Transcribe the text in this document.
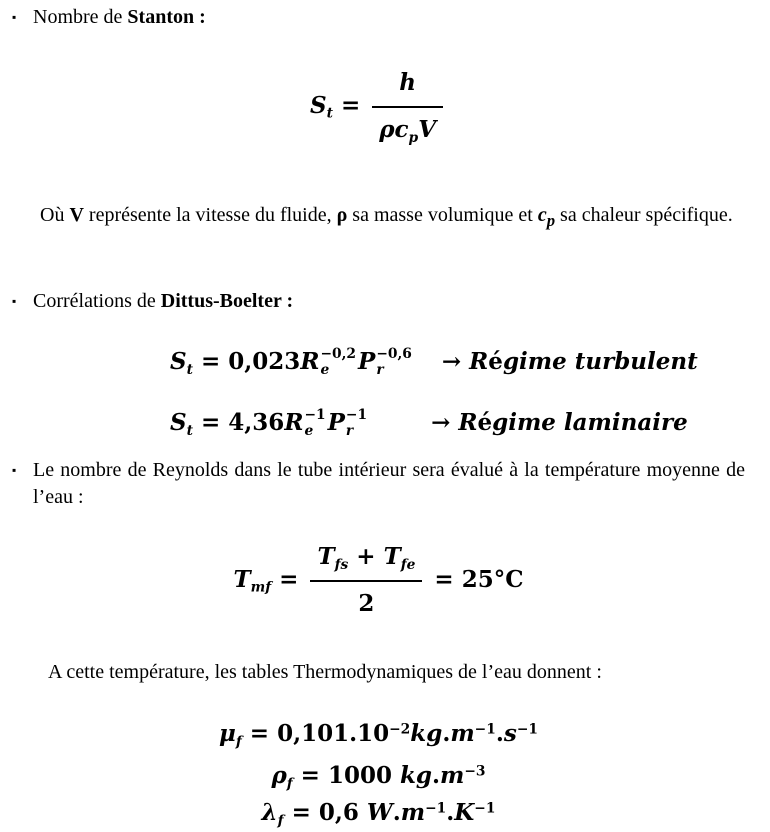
▪ Nombre de Stanton :
$S_t = \frac{h}{\rho c_pV}$

Où V représente la vitesse du fluide, ρ sa masse volumique et $c_p$ sa chaleur spécifique.

▪ Corrélations de Dittus-Boelter :
$S_t = 0,023R -0,2$
e P −0,6
r	→ Régime turbulent
$S_t = 4,36R -1$
e P −1
r	→ Régime laminaire
▪ Le nombre de Reynolds dans le tube intérieur sera évalué à la température moyenne de l’eau :
$T_{mf} = \frac{T_{fs} + T_{fe}}{2} = 25^\circ C$

A cette température, les tables Thermodynamiques de l’eau donnent :

$\mu_f = 0,101.10^{-2}kg.m^{-1}.s^{-1}$
$\rho_f = 1000$ $kg.m^{-3}$
$\lambda_f = 0,6$ $W.m^{-1}.K^{-1}$
